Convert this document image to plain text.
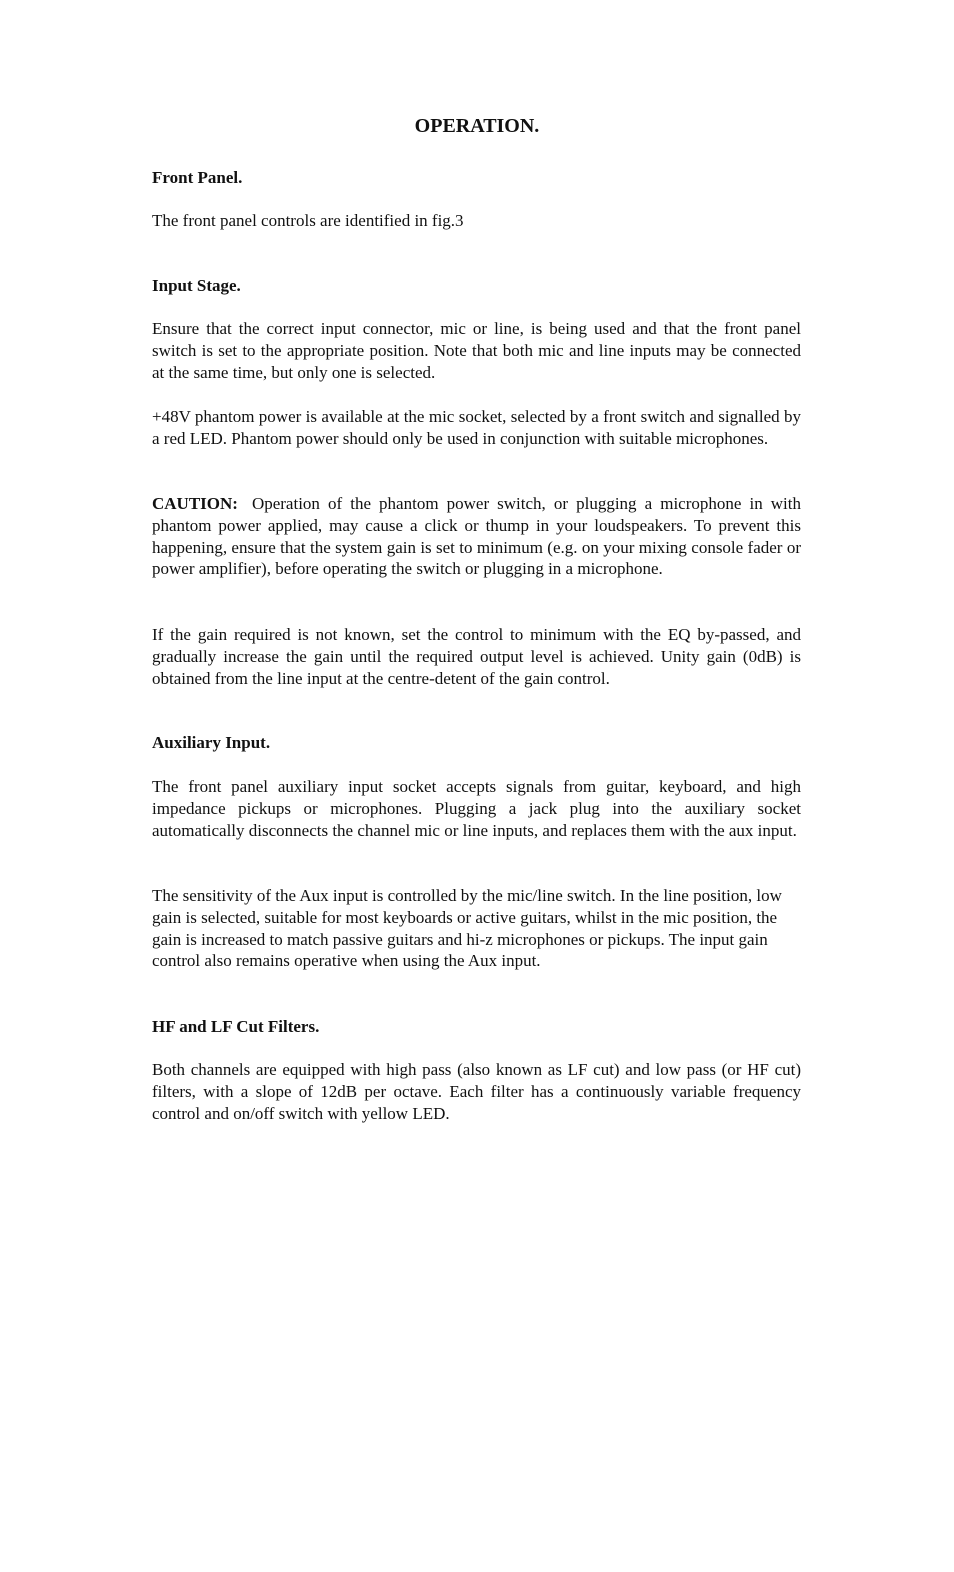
OPERATION.
Front Panel.

The front panel controls are identified in fig.3

Input Stage.

Ensure that the correct input connector, mic or line, is being used and that the front panel switch is set to the appropriate position. Note that both mic and line inputs may be connected at the same time, but only one is selected.

+48V phantom power is available at the mic socket, selected by a front switch and signalled by a red LED. Phantom power should only be used in conjunction with suitable microphones.

CAUTION: Operation of the phantom power switch, or plugging a microphone in with phantom power applied, may cause a click or thump in your loudspeakers. To prevent this happening, ensure that the system gain is set to minimum (e.g. on your mixing console fader or power amplifier), before operating the switch or plugging in a microphone.

If the gain required is not known, set the control to minimum with the EQ by-passed, and gradually increase the gain until the required output level is achieved. Unity gain (0dB) is obtained from the line input at the centre-detent of the gain control.

Auxiliary Input.

The front panel auxiliary input socket accepts signals from guitar, keyboard, and high impedance pickups or microphones. Plugging a jack plug into the auxiliary socket automatically disconnects the channel mic or line inputs, and replaces them with the aux input.

The sensitivity of the Aux input is controlled by the mic/line switch. In the line position, low gain is selected, suitable for most keyboards or active guitars, whilst in the mic position, the gain is increased to match passive guitars and hi-z microphones or pickups. The input gain control also remains operative when using the Aux input.

HF and LF Cut Filters.

Both channels are equipped with high pass (also known as LF cut) and low pass (or HF cut) filters, with a slope of 12dB per octave. Each filter has a continuously variable frequency control and on/off switch with yellow LED.
